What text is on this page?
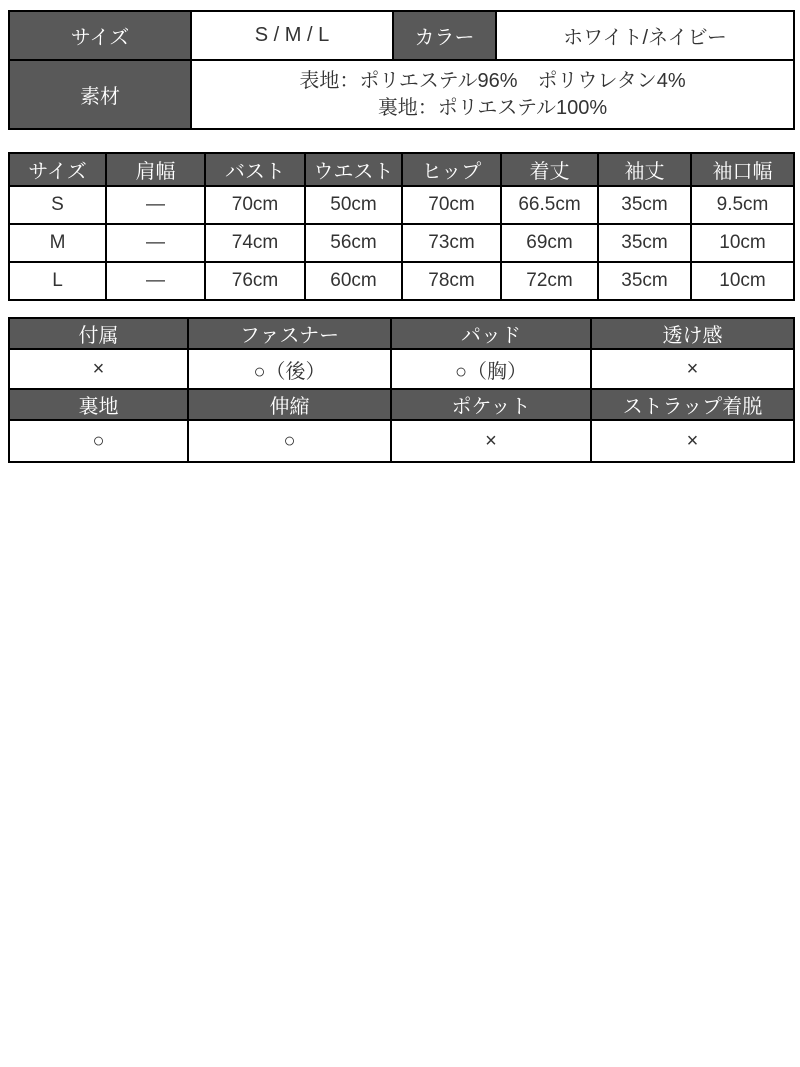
サイズ	S / M / L	カラー	ホワイト/ネイビー
素材	表地：ポリエステル96%　ポリウレタン4%
裏地：ポリエステル100%		
サイズ	肩幅	バスト	ウエスト	ヒップ	着丈	袖丈	袖口幅
S	—	70cm	50cm	70cm	66.5cm	35cm	9.5cm
M	—	74cm	56cm	73cm	69cm	35cm	10cm
L	—	76cm	60cm	78cm	72cm	35cm	10cm
付属	ファスナー	パッド	透け感
×	○（後）	○（胸）	×
裏地	伸縮	ポケット	ストラップ着脱
○	○	×	×
